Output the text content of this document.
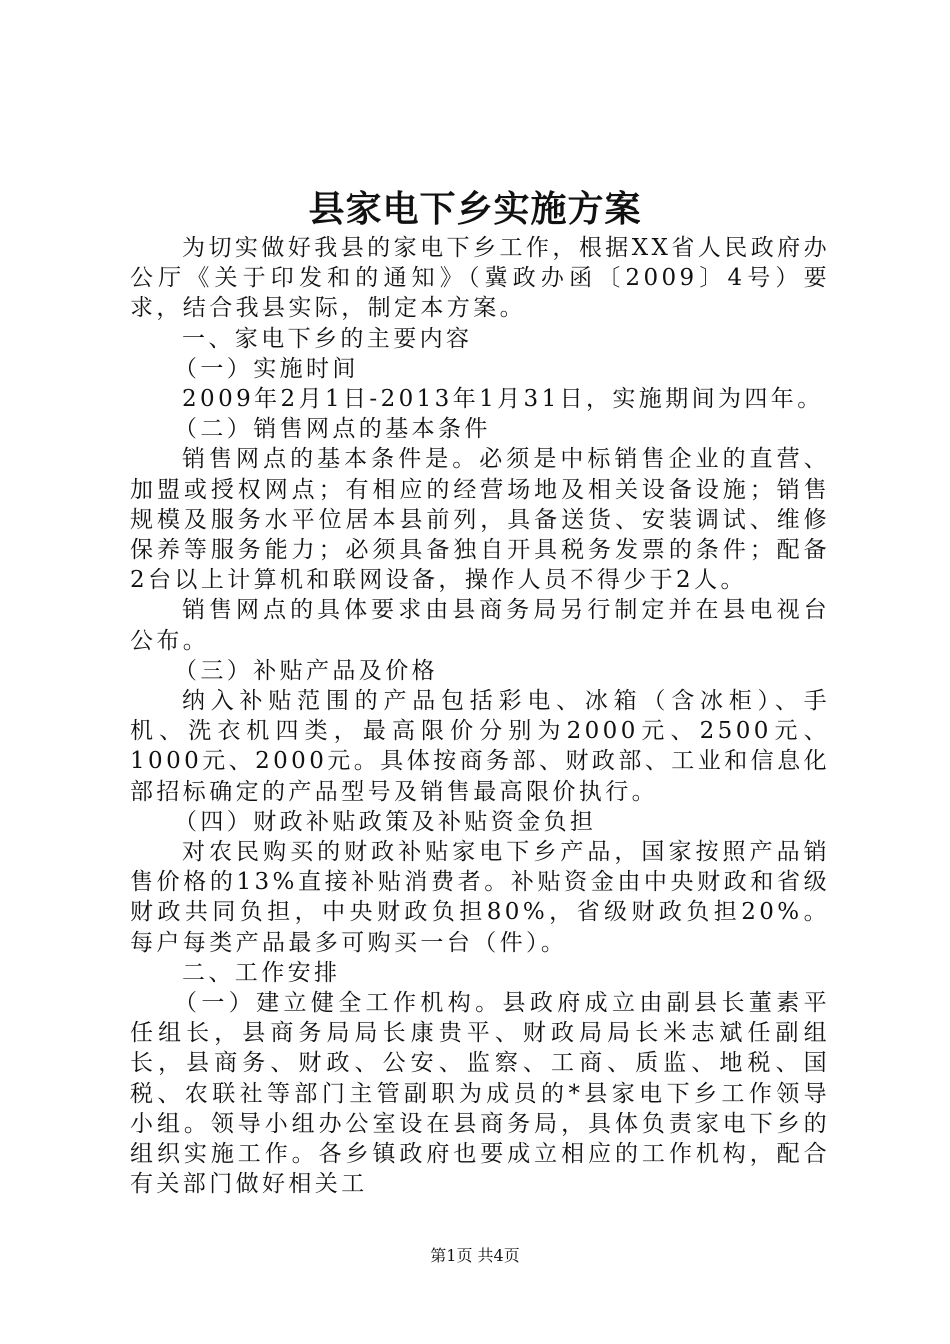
县家电下乡实施方案

为切实做好我县的家电下乡工作，根据XX省人民政府办公厅《关于印发和的通知》（冀政办函〔2009〕4号）要求，结合我县实际，制定本方案。

一、家电下乡的主要内容

（一）实施时间

2009年2月1日-2013年1月31日，实施期间为四年。

（二）销售网点的基本条件

销售网点的基本条件是。必须是中标销售企业的直营、加盟或授权网点；有相应的经营场地及相关设备设施；销售规模及服务水平位居本县前列，具备送货、安装调试、维修保养等服务能力；必须具备独自开具税务发票的条件；配备2台以上计算机和联网设备，操作人员不得少于2人。

销售网点的具体要求由县商务局另行制定并在县电视台公布。

（三）补贴产品及价格

纳入补贴范围的产品包括彩电、冰箱（含冰柜）、手机、洗衣机四类，最高限价分别为2000元、2500元、1000元、2000元。具体按商务部、财政部、工业和信息化部招标确定的产品型号及销售最高限价执行。

（四）财政补贴政策及补贴资金负担

对农民购买的财政补贴家电下乡产品，国家按照产品销售价格的13%直接补贴消费者。补贴资金由中央财政和省级财政共同负担，中央财政负担80%，省级财政负担20%。每户每类产品最多可购买一台（件）。

二、工作安排

（一）建立健全工作机构。县政府成立由副县长董素平任组长，县商务局局长康贵平、财政局局长米志斌任副组长，县商务、财政、公安、监察、工商、质监、地税、国税、农联社等部门主管副职为成员的*县家电下乡工作领导小组。领导小组办公室设在县商务局，具体负责家电下乡的组织实施工作。各乡镇政府也要成立相应的工作机构，配合有关部门做好相关工

第1页 共4页
